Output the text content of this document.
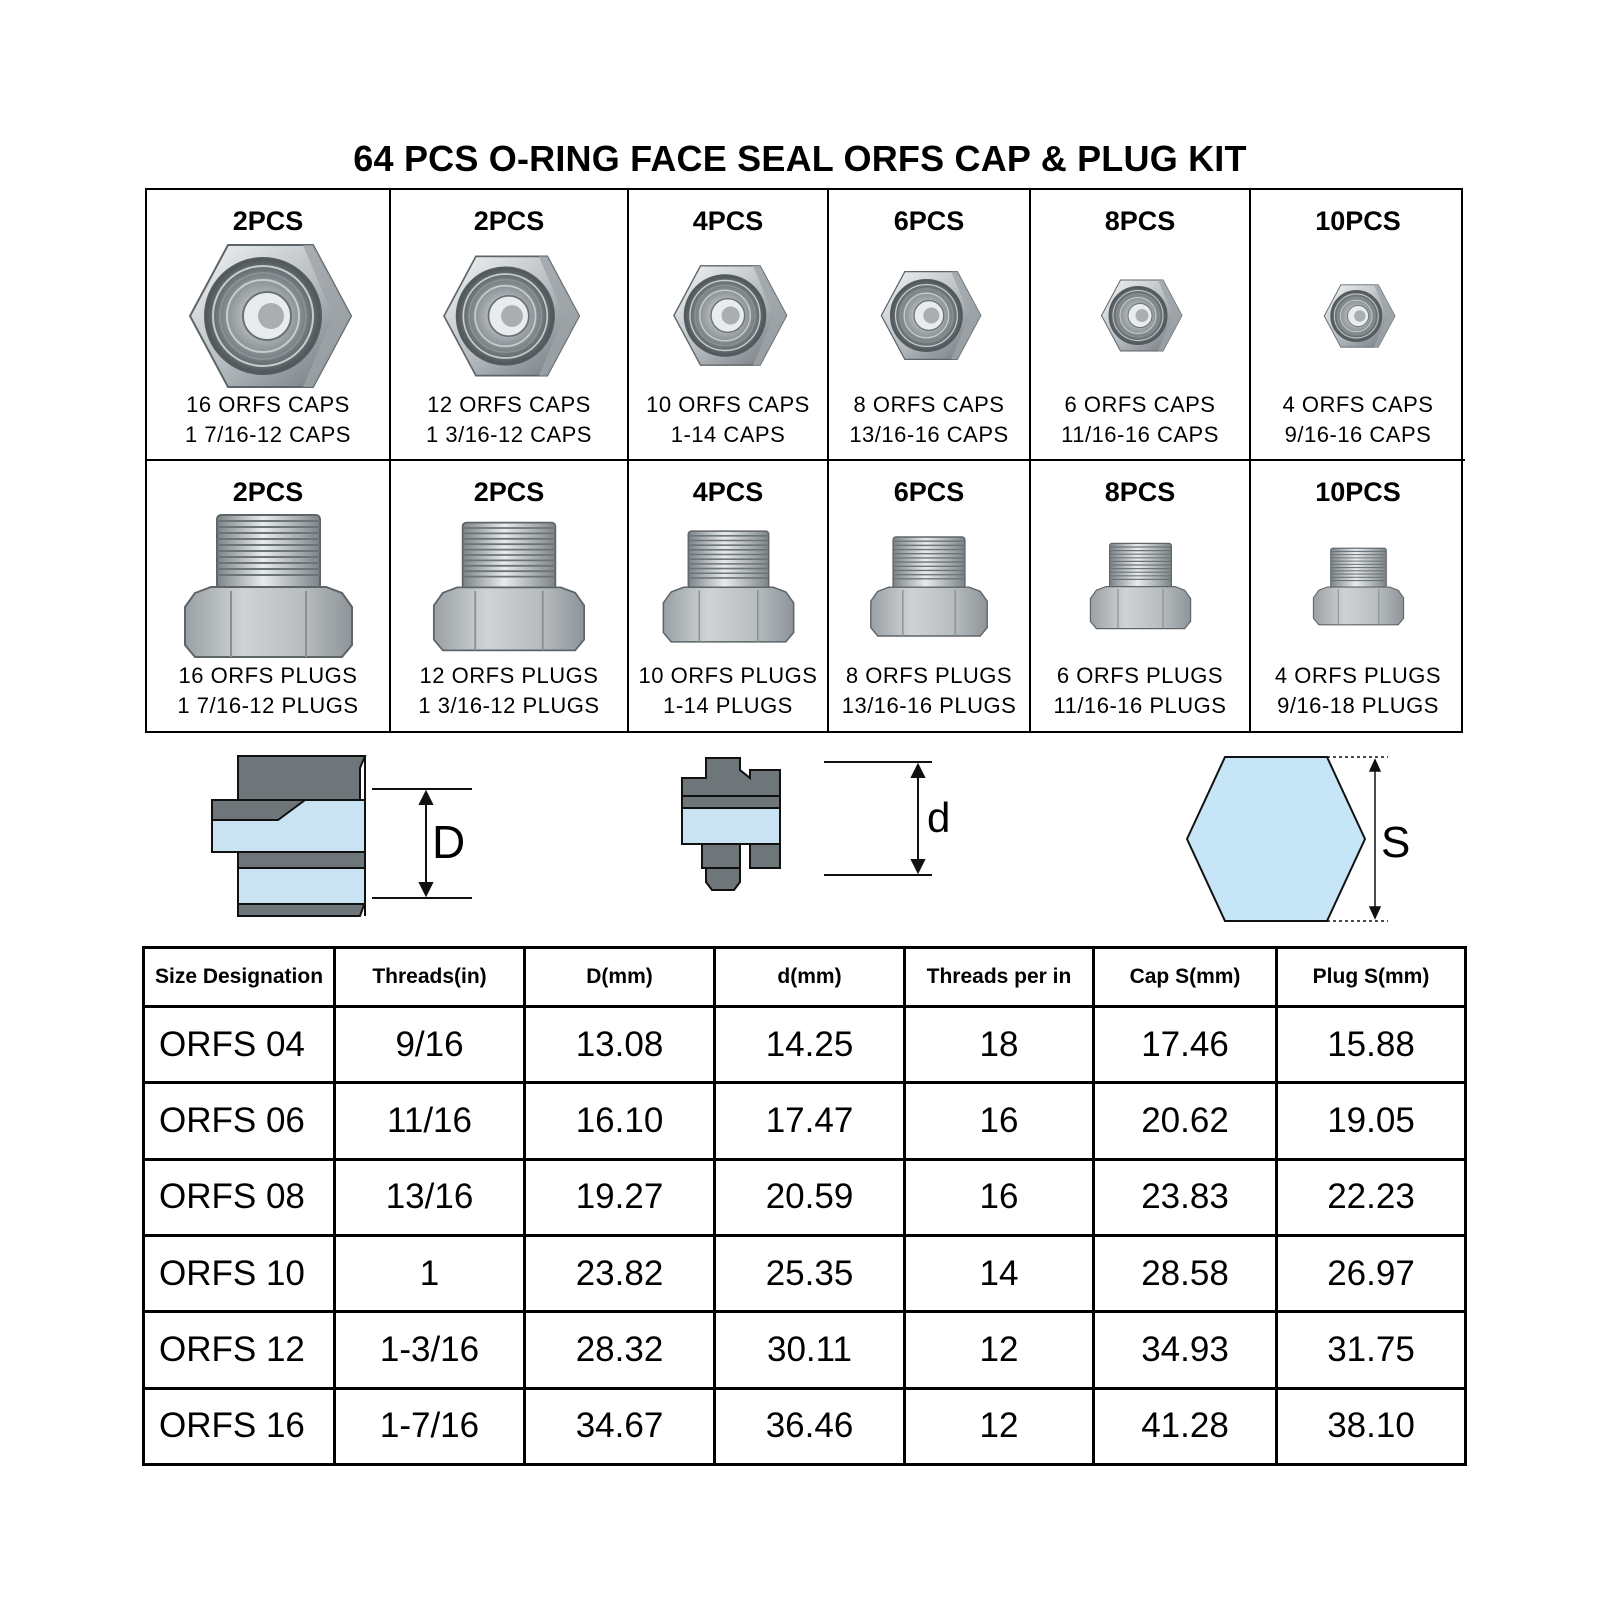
64 PCS O-RING FACE SEAL ORFS CAP & PLUG KIT
2PCS
16 ORFS CAPS
1 7/16-12 CAPS
2PCS
12 ORFS CAPS
1 3/16-12 CAPS
4PCS
10 ORFS CAPS
1-14 CAPS
6PCS
8 ORFS CAPS
13/16-16 CAPS
8PCS
6 ORFS CAPS
11/16-16 CAPS
10PCS
4 ORFS CAPS
9/16-16 CAPS
2PCS
16 ORFS PLUGS
1 7/16-12 PLUGS
2PCS
12 ORFS PLUGS
1 3/16-12 PLUGS
4PCS
10 ORFS PLUGS
1-14 PLUGS
6PCS
8 ORFS PLUGS
13/16-16 PLUGS
8PCS
6 ORFS PLUGS
11/16-16 PLUGS
10PCS
4 ORFS PLUGS
9/16-18 PLUGS
D	d
S
Size Designation	Threads(in)	D(mm)	d(mm)	Threads per in	Cap S(mm)	Plug S(mm)
ORFS 04	9/16	13.08	14.25	18	17.46	15.88
ORFS 06	11/16	16.10	17.47	16	20.62	19.05
ORFS 08	13/16	19.27	20.59	16	23.83	22.23
ORFS 10	1	23.82	25.35	14	28.58	26.97
ORFS 12	1-3/16	28.32	30.11	12	34.93	31.75
ORFS 16	1-7/16	34.67	36.46	12	41.28	38.10
